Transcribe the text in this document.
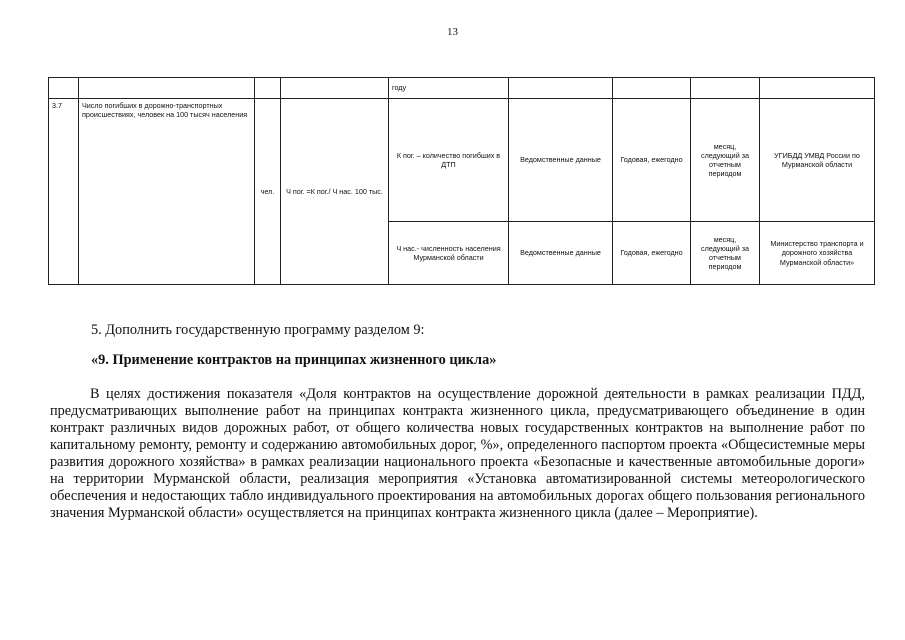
13
				году				
3.7	Число погибших в дорожно-транспортных происшествиях, человек на 100 тысяч населения	чел.	Ч пог. =К пог./ Ч нас. 100 тыс.	К пог. – количество погибших в ДТП	Ведомственные данные	Годовая, ежегодно	месяц, следующий за отчетным периодом	УГИБДД УМВД России по Мурманской области
				Ч нас.- численность населения Мурманской области	Ведомственные данные	Годовая, ежегодно	месяц, следующий за отчетным периодом	Министерство транспорта и дорожного хозяйства Мурманской области»
5. Дополнить государственную программу разделом 9:
«9. Применение контрактов на принципах жизненного цикла»
В целях достижения показателя «Доля контрактов на осуществление дорожной деятельности в рамках реализации ПДД, предусматривающих выполнение работ на принципах контракта жизненного цикла, предусматривающего объединение в один контракт различных видов дорожных работ, от общего количества новых государственных контрактов на выполнение работ по капитальному ремонту, ремонту и содержанию автомобильных дорог, %», определенного паспортом проекта «Общесистемные меры развития дорожного хозяйства» в рамках реализации национального проекта «Безопасные и качественные автомобильные дороги» на территории Мурманской области, реализация мероприятия «Установка автоматизированной системы метеорологического обеспечения и недостающих табло индивидуального проектирования на автомобильных дорогах общего пользования регионального значения Мурманской области» осуществляется на принципах контракта жизненного цикла (далее – Мероприятие).
